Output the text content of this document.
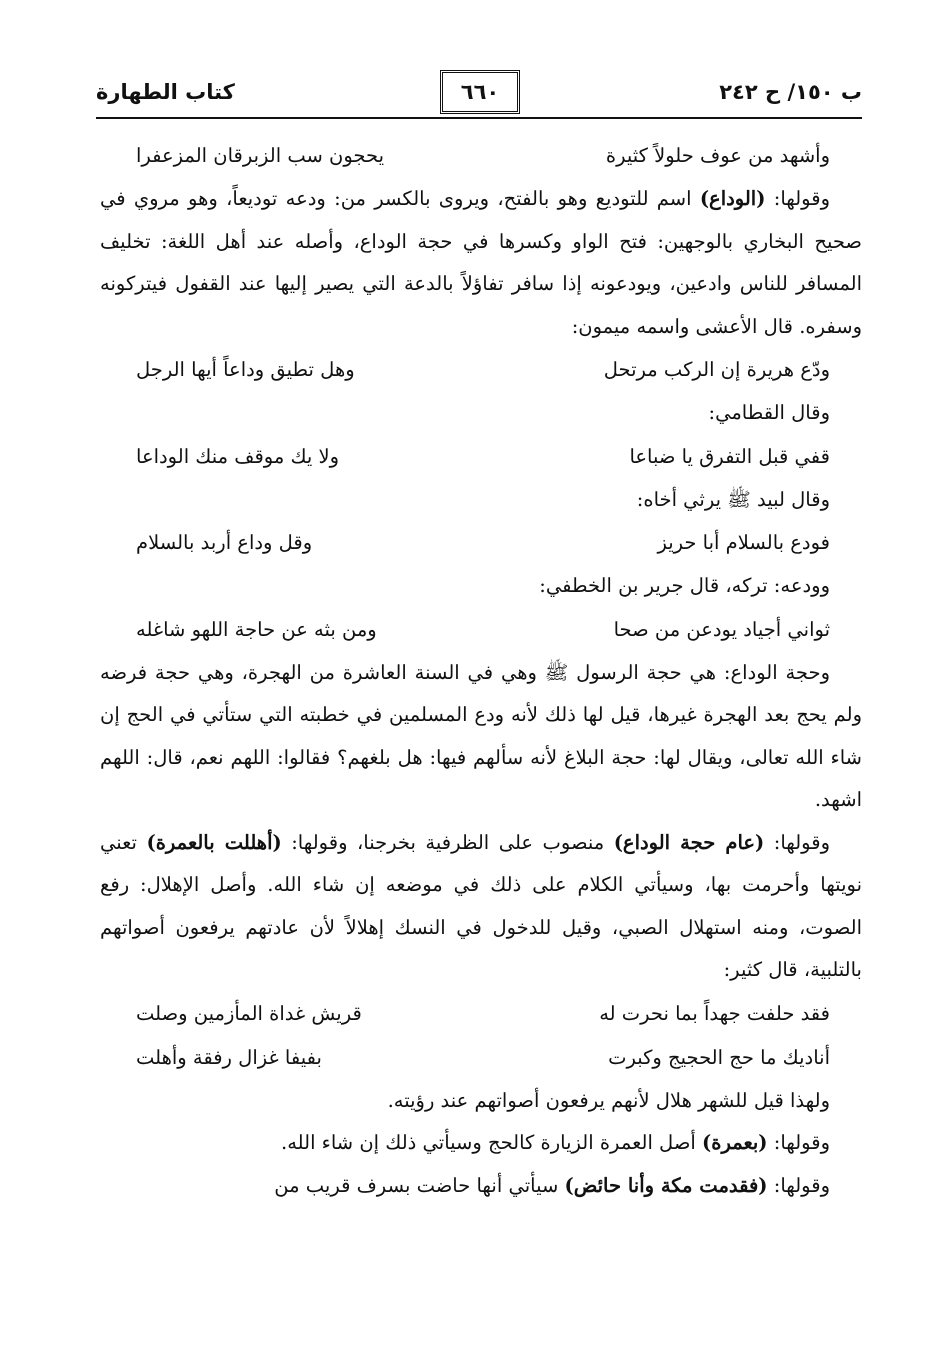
ب ١٥٠/ ح ٢٤٢
٦٦٠
كتاب الطهارة
وأشهد من عوف حلولاً كثيرة
يحجون سب الزبرقان المزعفرا

وقولها: (الوداع) اسم للتوديع وهو بالفتح، ويروى بالكسر من: ودعه توديعاً، وهو مروي في صحيح البخاري بالوجهين: فتح الواو وكسرها في حجة الوداع، وأصله عند أهل اللغة: تخليف المسافر للناس وادعين، ويودعونه إذا سافر تفاؤلاً بالدعة التي يصير إليها عند القفول فيتركونه وسفره. قال الأعشى واسمه ميمون:

ودّع هريرة إن الركب مرتحل
وهل تطيق وداعاً أيها الرجل
وقال القطامي:
قفي قبل التفرق يا ضباعا
ولا يك موقف منك الوداعا
وقال لبيد ﷺ يرثي أخاه:
فودع بالسلام أبا حريز
وقل وداع أربد بالسلام
وودعه: تركه، قال جرير بن الخطفي:
ثواني أجياد يودعن من صحا
ومن بثه عن حاجة اللهو شاغله

وحجة الوداع: هي حجة الرسول ﷺ وهي في السنة العاشرة من الهجرة، وهي حجة فرضه ولم يحج بعد الهجرة غيرها، قيل لها ذلك لأنه ودع المسلمين في خطبته التي ستأتي في الحج إن شاء الله تعالى، ويقال لها: حجة البلاغ لأنه سألهم فيها: هل بلغهم؟ فقالوا: اللهم نعم، قال: اللهم اشهد.

وقولها: (عام حجة الوداع) منصوب على الظرفية بخرجنا، وقولها: (أهللت بالعمرة) تعني نويتها وأحرمت بها، وسيأتي الكلام على ذلك في موضعه إن شاء الله. وأصل الإهلال: رفع الصوت، ومنه استهلال الصبي، وقيل للدخول في النسك إهلالاً لأن عادتهم يرفعون أصواتهم بالتلبية، قال كثير:

فقد حلفت جهداً بما نحرت له
قريش غداة المأزمين وصلت
أناديك ما حج الحجيج وكبرت
بفيفا غزال رفقة وأهلت
ولهذا قيل للشهر هلال لأنهم يرفعون أصواتهم عند رؤيته.

وقولها: (بعمرة) أصل العمرة الزيارة كالحج وسيأتي ذلك إن شاء الله.

وقولها: (فقدمت مكة وأنا حائض) سيأتي أنها حاضت بسرف قريب من
